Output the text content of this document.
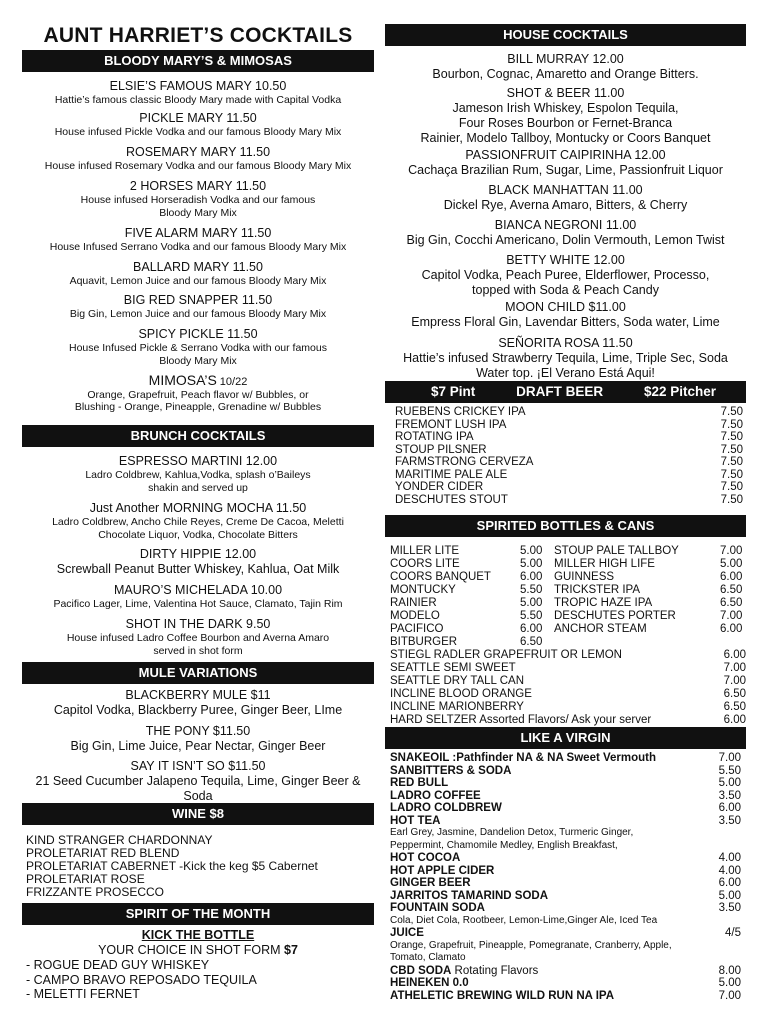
AUNT HARRIET’S COCKTAILS
BLOODY MARY’S & MIMOSAS
ELSIE’S FAMOUS MARY 10.50
Hattie’s famous classic Bloody Mary made with Capital Vodka
PICKLE MARY 11.50
House infused Pickle Vodka and our famous Bloody Mary Mix
ROSEMARY MARY 11.50
House infused Rosemary Vodka and our famous Bloody Mary Mix
2 HORSES MARY 11.50
House infused Horseradish Vodka and our famous
Bloody Mary Mix
FIVE ALARM MARY 11.50
House Infused Serrano Vodka and our famous Bloody Mary Mix
BALLARD MARY 11.50
Aquavit, Lemon Juice and our famous Bloody Mary Mix
BIG RED SNAPPER 11.50
Big Gin, Lemon Juice and our famous Bloody Mary Mix
SPICY PICKLE 11.50
House Infused Pickle & Serrano Vodka with our famous
Bloody Mary Mix
MIMOSA’S 10/22
Orange, Grapefruit, Peach flavor w/ Bubbles, or
Blushing - Orange, Pineapple, Grenadine w/ Bubbles
BRUNCH COCKTAILS
ESPRESSO MARTINI 12.00
Ladro Coldbrew, Kahlua,Vodka, splash o’Baileys
shakin and served up
Just Another MORNING MOCHA 11.50
Ladro Coldbrew, Ancho Chile Reyes, Creme De Cacoa, Meletti
Chocolate Liquor, Vodka, Chocolate Bitters
DIRTY HIPPIE 12.00
Screwball Peanut Butter Whiskey, Kahlua, Oat Milk
MAURO’S MICHELADA 10.00
Pacifico Lager, Lime, Valentina Hot Sauce, Clamato, Tajin Rim
SHOT IN THE DARK 9.50
House infused Ladro Coffee Bourbon and Averna Amaro
served in shot form
MULE VARIATIONS
BLACKBERRY MULE $11
Capitol Vodka, Blackberry Puree, Ginger Beer, LIme
THE PONY $11.50
Big Gin, Lime Juice, Pear Nectar, Ginger Beer
SAY IT ISN’T SO $11.50
21 Seed Cucumber Jalapeno Tequila, Lime, Ginger Beer &
Soda
WINE $8
KIND STRANGER CHARDONNAY
PROLETARIAT RED BLEND
PROLETARIAT CABERNET -Kick the keg $5 Cabernet
PROLETARIAT ROSE
FRIZZANTE PROSECCO
SPIRIT OF THE MONTH
KICK THE BOTTLE
YOUR CHOICE IN SHOT FORM $7
- ROGUE DEAD GUY WHISKEY
- CAMPO BRAVO REPOSADO TEQUILA
- MELETTI FERNET
HOUSE COCKTAILS
BILL MURRAY 12.00
Bourbon, Cognac, Amaretto and Orange Bitters.
SHOT & BEER 11.00
Jameson Irish Whiskey, Espolon Tequila,
Four Roses Bourbon or Fernet-Branca
Rainier, Modelo Tallboy, Montucky or Coors Banquet
PASSIONFRUIT CAIPIRINHA 12.00
Cachaça Brazilian Rum, Sugar, Lime, Passionfruit Liquor
BLACK MANHATTAN 11.00
Dickel Rye, Averna Amaro, Bitters, & Cherry
BIANCA NEGRONI 11.00
Big Gin, Cocchi Americano, Dolin Vermouth, Lemon Twist
BETTY WHITE 12.00
Capitol Vodka, Peach Puree, Elderflower, Processo,
topped with Soda & Peach Candy
MOON CHILD $11.00
Empress Floral Gin, Lavendar Bitters, Soda water, Lime
SEÑORITA ROSA 11.50
Hattie’s infused Strawberry Tequila, Lime, Triple Sec, Soda
Water top. ¡El Verano Está Aqui!
$7 Pint	DRAFT BEER	$22 Pitcher
RUEBENS CRICKEY IPA	7.50
FREMONT LUSH IPA	7.50
ROTATING IPA	7.50
STOUP PILSNER	7.50
FARMSTRONG CERVEZA	7.50
MARITIME PALE ALE	7.50
YONDER CIDER	7.50
DESCHUTES STOUT	7.50
SPIRITED BOTTLES & CANS
MILLER LITE	5.00	STOUP PALE TALLBOY	7.00
COORS LITE	5.00	MILLER HIGH LIFE	5.00
COORS BANQUET	6.00	GUINNESS	6.00
MONTUCKY	5.50	TRICKSTER IPA	6.50
RAINIER	5.00	TROPIC HAZE IPA	6.50
MODELO	5.50	DESCHUTES PORTER	7.00
PACIFICO	6.00	ANCHOR STEAM	6.00
BITBURGER	6.50
STIEGL RADLER GRAPEFRUIT OR LEMON	6.00
SEATTLE SEMI SWEET	7.00
SEATTLE DRY TALL CAN	7.00
INCLINE BLOOD ORANGE	6.50
INCLINE MARIONBERRY	6.50
HARD SELTZER Assorted Flavors/ Ask your server	6.00
LIKE A VIRGIN
SNAKEOIL :Pathfinder NA & NA Sweet Vermouth	7.00
SANBITTERS & SODA	5.50
RED BULL	5.00
LADRO COFFEE	3.50
LADRO COLDBREW	6.00
HOT TEA	3.50
Earl Grey, Jasmine, Dandelion Detox, Turmeric Ginger,
Peppermint, Chamomile Medley, English Breakfast,
HOT COCOA	4.00
HOT APPLE CIDER	4.00
GINGER BEER	6.00
JARRITOS TAMARIND SODA	5.00
FOUNTAIN SODA	3.50
Cola, Diet Cola, Rootbeer, Lemon-Lime,Ginger Ale, Iced Tea
JUICE	4/5
Orange, Grapefruit, Pineapple, Pomegranate, Cranberry, Apple,
Tomato, Clamato
CBD SODA Rotating Flavors	8.00
HEINEKEN 0.0	5.00
ATHELETIC BREWING WILD RUN NA IPA	7.00
